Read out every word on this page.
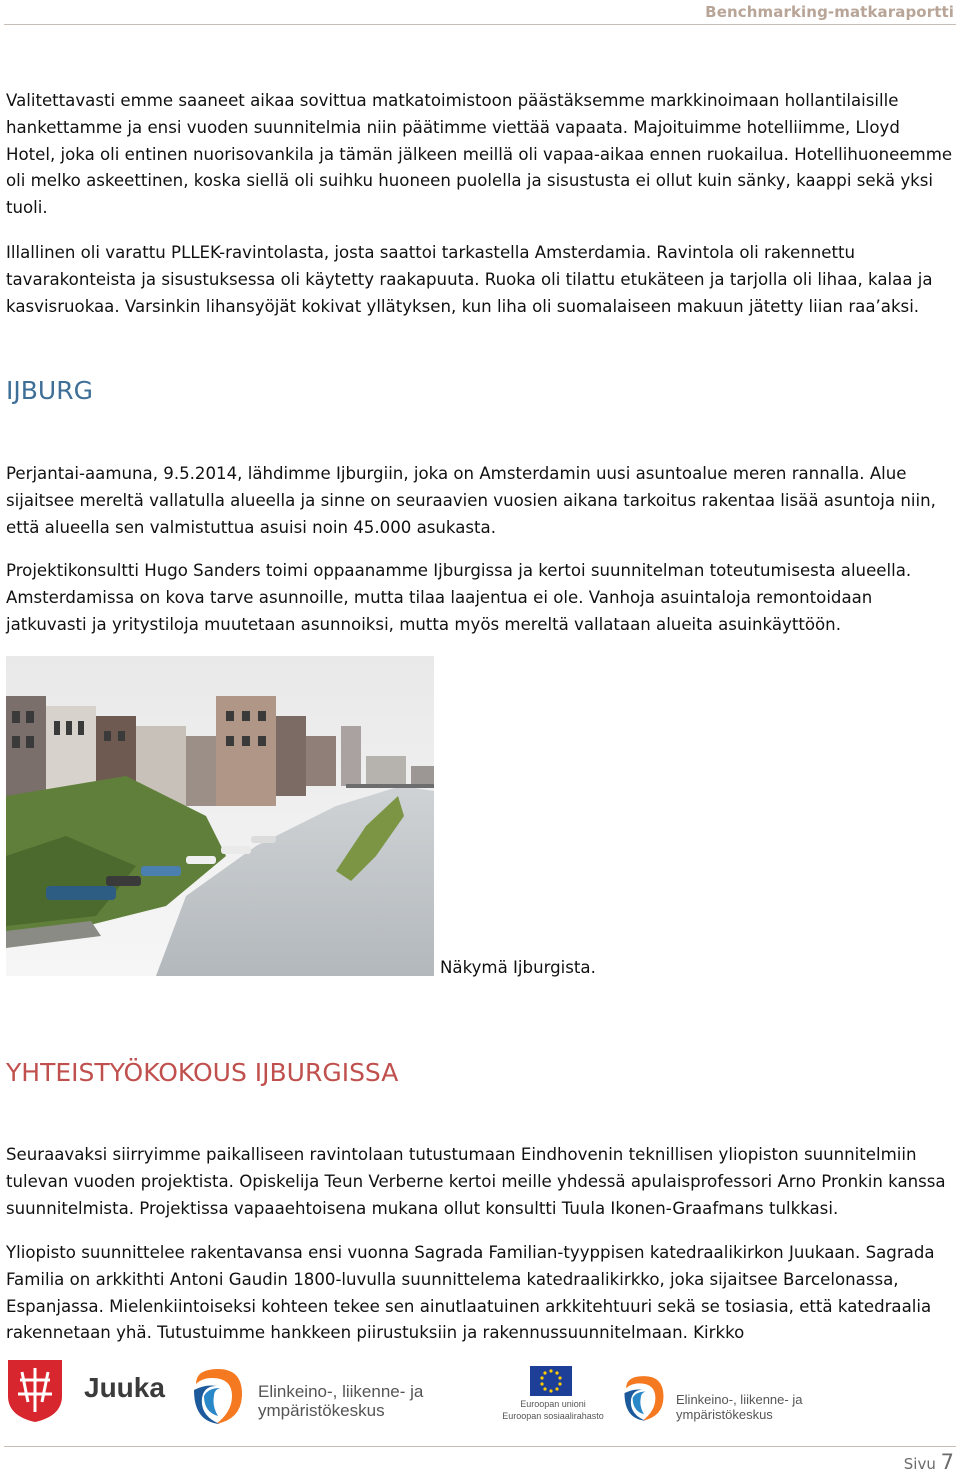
Benchmarking-matkaraportti

Valitettavasti emme saaneet aikaa sovittua matkatoimistoon päästäksemme markkinoimaan hollantilaisille hankettamme ja ensi vuoden suunnitelmia niin päätimme viettää vapaata. Majoituimme hotelliimme, Lloyd Hotel, joka oli entinen nuorisovankila ja tämän jälkeen meillä oli vapaa-aikaa ennen ruokailua. Hotellihuoneemme oli melko askeettinen, koska siellä oli suihku huoneen puolella ja sisustusta ei ollut kuin sänky, kaappi sekä yksi tuoli.

Illallinen oli varattu PLLEK-ravintolasta, josta saattoi tarkastella Amsterdamia. Ravintola oli rakennettu tavarakonteista ja sisustuksessa oli käytetty raakapuuta. Ruoka oli tilattu etukäteen ja tarjolla oli lihaa, kalaa ja kasvisruokaa. Varsinkin lihansyöjät kokivat yllätyksen, kun liha oli suomalaiseen makuun jätetty liian raa’aksi.

IJBURG

Perjantai-aamuna, 9.5.2014, lähdimme Ijburgiin, joka on Amsterdamin uusi asuntoalue meren rannalla. Alue sijaitsee mereltä vallatulla alueella ja sinne on seuraavien vuosien aikana tarkoitus rakentaa lisää asuntoja niin, että alueella sen valmistuttua asuisi noin 45.000 asukasta.

Projektikonsultti Hugo Sanders toimi oppaanamme Ijburgissa ja kertoi suunnitelman toteutumisesta alueella. Amsterdamissa on kova tarve asunnoille, mutta tilaa laajentua ei ole. Vanhoja asuintaloja remontoidaan jatkuvasti ja yritystiloja muutetaan asunnoiksi, mutta myös mereltä vallataan alueita asuinkäyttöön.

Näkymä Ijburgista.
YHTEISTYÖKOKOUS IJBURGISSA

Seuraavaksi siirryimme paikalliseen ravintolaan tutustumaan Eindhovenin teknillisen yliopiston suunnitelmiin tulevan vuoden projektista. Opiskelija Teun Verberne kertoi meille yhdessä apulaisprofessori Arno Pronkin kanssa suunnitelmista. Projektissa vapaaehtoisena mukana ollut konsultti Tuula Ikonen-Graafmans tulkkasi.

Yliopisto suunnittelee rakentavansa ensi vuonna Sagrada Familian-tyyppisen katedraalikirkon Juukaan. Sagrada Familia on arkkithti Antoni Gaudin 1800-luvulla suunnittelema katedraalikirkko, joka sijaitsee Barcelonassa, Espanjassa. Mielenkiintoiseksi kohteen tekee sen ainutlaatuinen arkkitehtuuri sekä se tosiasia, että katedraalia rakennetaan yhä. Tutustuimme hankkeen piirustuksiin ja rakennussuunnitelmaan. Kirkko

Juuka	Elinkeino-, liikenne- ja
ympäristökeskus	Euroopan unioni
Euroopan sosiaalirahasto
Elinkeino-, liikenne- ja
ympäristökeskus
Sivu 7
